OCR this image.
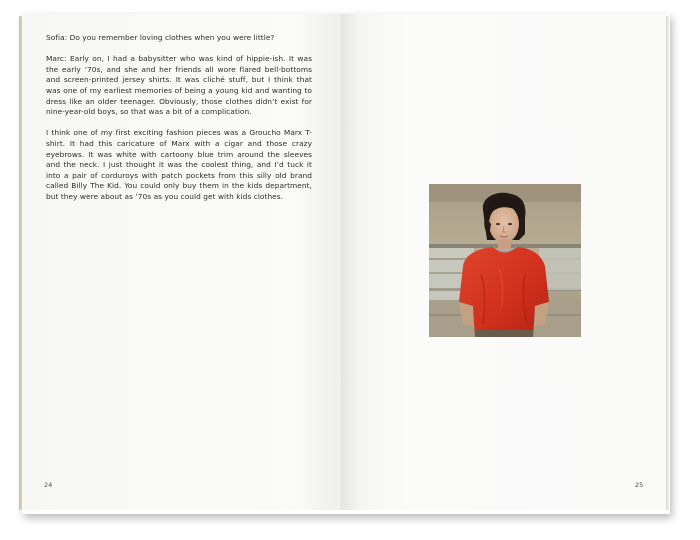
Sofia: Do you remember loving clothes when you were little?

Marc: Early on, I had a babysitter who was kind of hippie-ish. It was the early ’70s, and she and her friends all wore flared bell-bottoms and screen-printed jersey shirts. It was cliché stuff, but I think that was one of my earliest memories of being a young kid and wanting to dress like an older teenager. Obviously, those clothes didn’t exist for nine-year-old boys, so that was a bit of a complication.

I think one of my first exciting fashion pieces was a Groucho Marx T-shirt. It had this caricature of Marx with a cigar and those crazy eyebrows. It was white with cartoony blue trim around the sleeves and the neck. I just thought it was the coolest thing, and I’d tuck it into a pair of corduroys with patch pockets from this silly old brand called Billy The Kid. You could only buy them in the kids department, but they were about as ’70s as you could get with kids clothes.

24	25
